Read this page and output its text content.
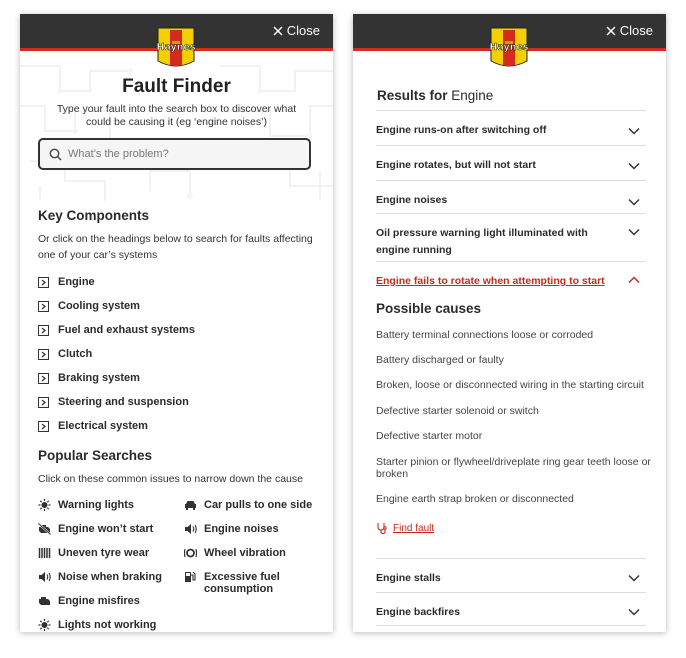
Close
Haynes
Fault Finder
Type your fault into the search box to discover what could be causing it (eg ‘engine noises’)
What’s the problem?
Key Components
Or click on the headings below to search for faults affecting one of your car’s systems
Engine
Cooling system
Fuel and exhaust systems
Clutch
Braking system
Steering and suspension
Electrical system
Popular Searches
Click on these common issues to narrow down the cause
Warning lights
Engine won’t start
Uneven tyre wear
Noise when braking
Engine misfires
Lights not working
Car pulls to one side
Engine noises
Wheel vibration
Excessive fuel consumption
Close
Haynes
Results for Engine
Engine runs-on after switching off
Engine rotates, but will not start
Engine noises
Oil pressure warning light illuminated with engine running
Engine fails to rotate when attempting to start
Possible causes
Battery terminal connections loose or corroded
Battery discharged or faulty
Broken, loose or disconnected wiring in the starting circuit
Defective starter solenoid or switch
Defective starter motor
Starter pinion or flywheel/driveplate ring gear teeth loose or broken
Engine earth strap broken or disconnected
Find fault
Engine stalls
Engine backfires
